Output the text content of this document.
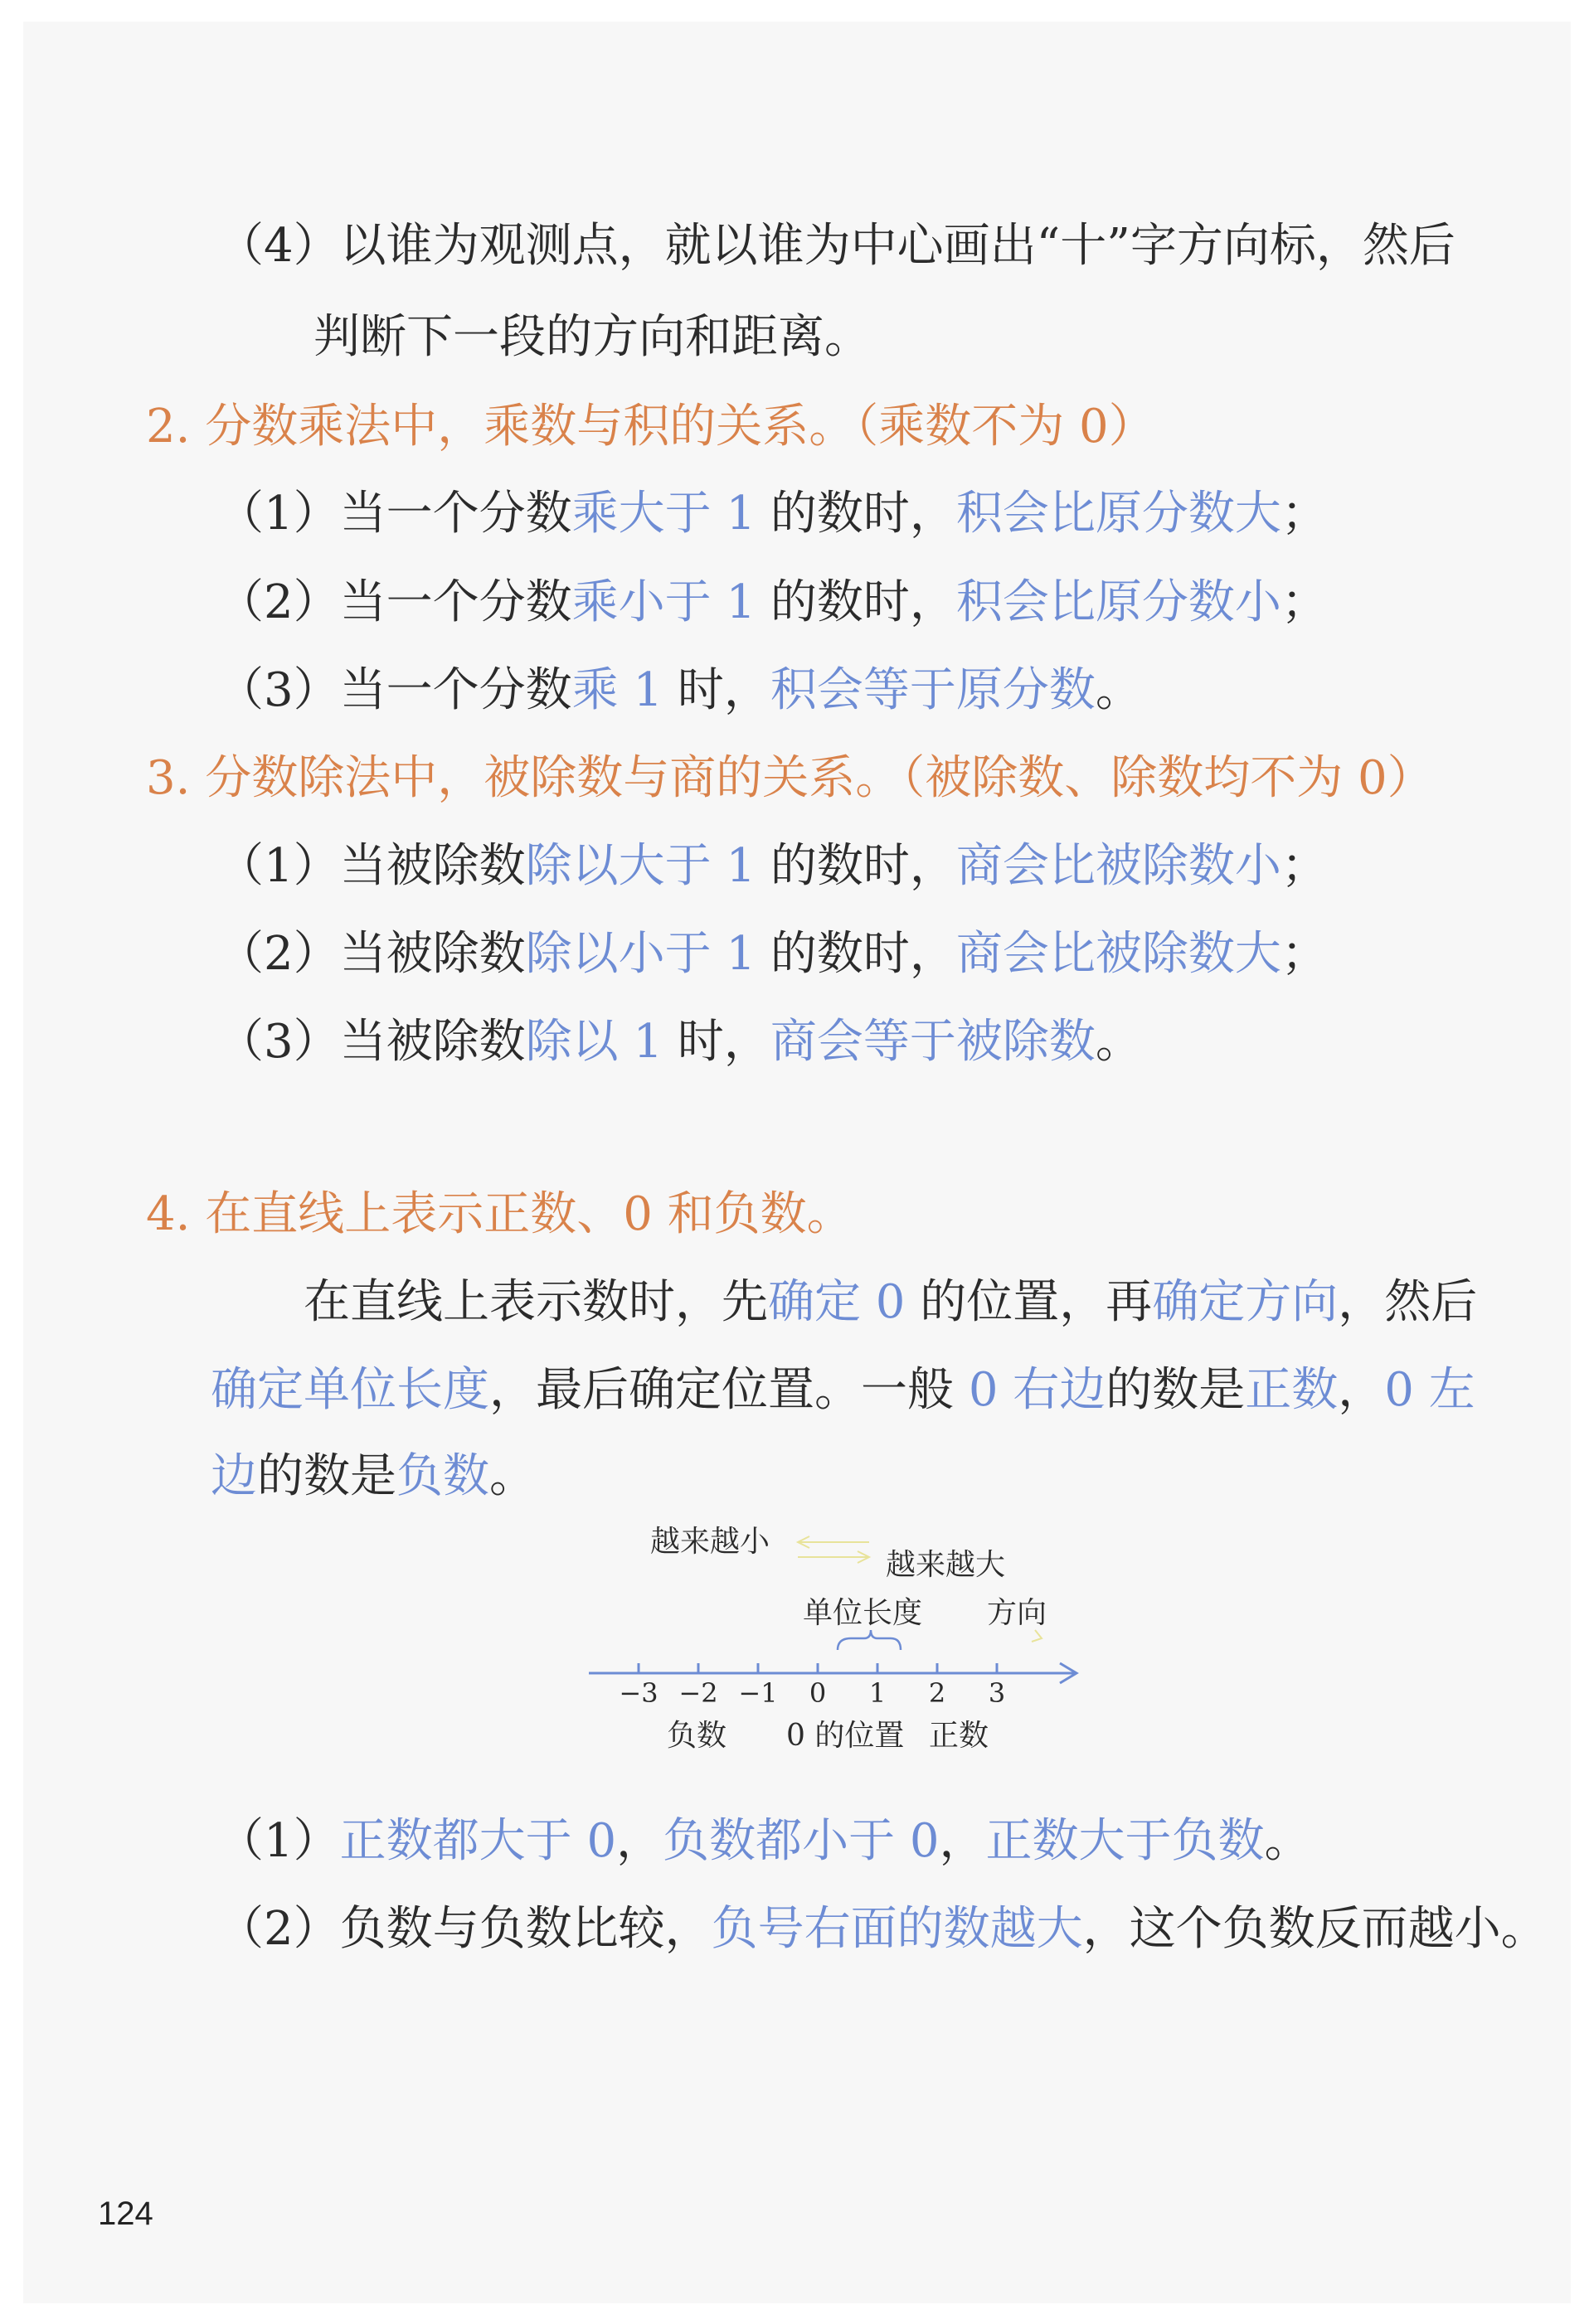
（4）以谁为观测点，就以谁为中心画出“十”字方向标，然后
判断下一段的方向和距离。
2. 分数乘法中，乘数与积的关系。（乘数不为 0）
（1）当一个分数乘大于 1 的数时，积会比原分数大；
（2）当一个分数乘小于 1 的数时，积会比原分数小；
（3）当一个分数乘 1 时，积会等于原分数。
3. 分数除法中，被除数与商的关系。（被除数、除数均不为 0）
（1）当被除数除以大于 1 的数时，商会比被除数小；
（2）当被除数除以小于 1 的数时，商会比被除数大；
（3）当被除数除以 1 时，商会等于被除数。
4. 在直线上表示正数、0 和负数。
在直线上表示数时，先确定 0 的位置，再确定方向，然后
确定单位长度，最后确定位置。一般 0 右边的数是正数，0 左
边的数是负数。
越来越小
越来越大
单位长度 方向
−3 −2 −1 0 1 2 3
负数 0 的位置 正数
（1）正数都大于 0，负数都小于 0，正数大于负数。
（2）负数与负数比较，负号右面的数越大，这个负数反而越小。
124
